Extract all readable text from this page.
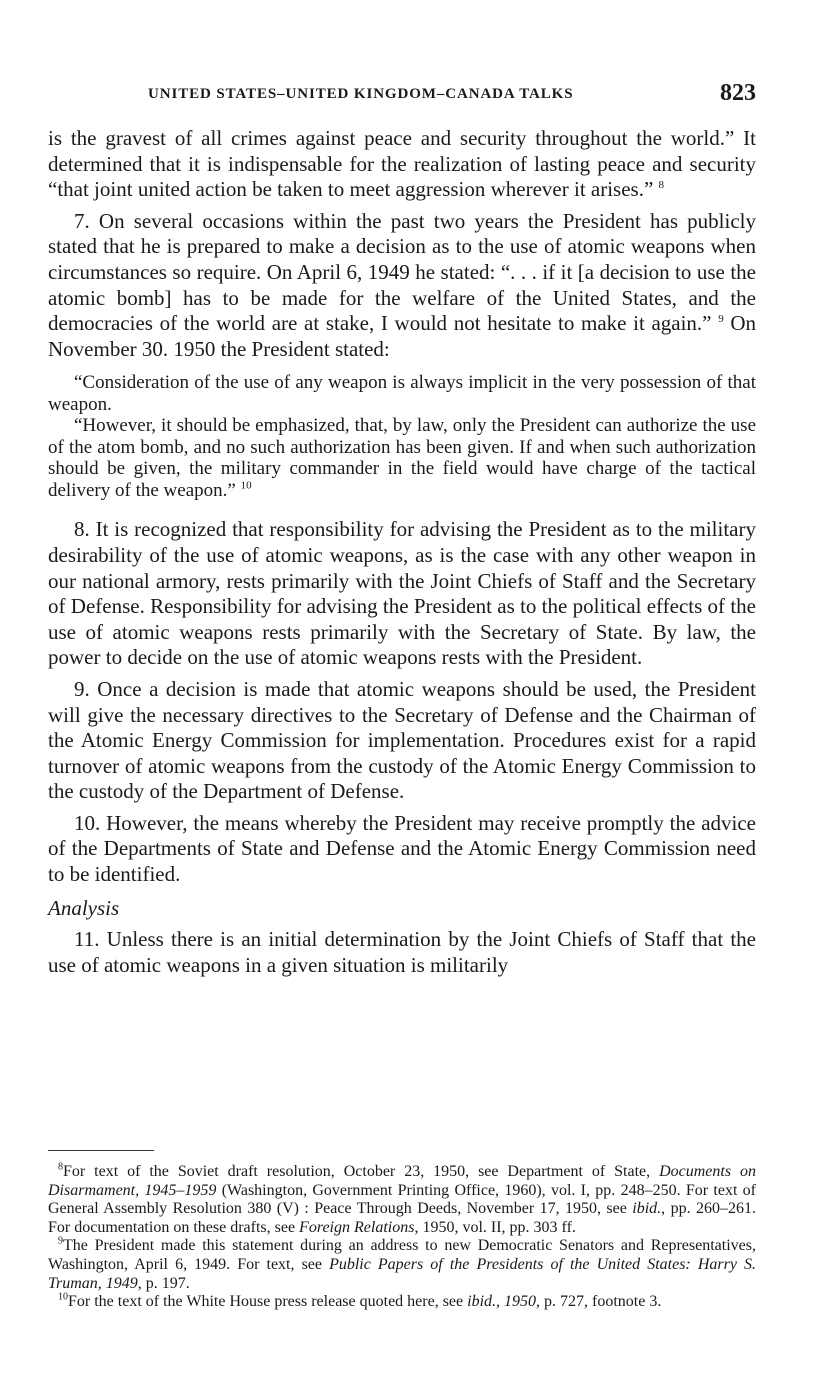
UNITED STATES–UNITED KINGDOM–CANADA TALKS	823

is the gravest of all crimes against peace and security throughout the world.” It determined that it is indispensable for the realization of lasting peace and security “that joint united action be taken to meet aggression wherever it arises.” $^8$

7. On several occasions within the past two years the President has publicly stated that he is prepared to make a decision as to the use of atomic weapons when circumstances so require. On April 6, 1949 he stated: “. . . if it [a decision to use the atomic bomb] has to be made for the welfare of the United States, and the democracies of the world are at stake, I would not hesitate to make it again.” $^9$ On November 30. 1950 the President stated:

“Consideration of the use of any weapon is always implicit in the very possession of that weapon.

“However, it should be emphasized, that, by law, only the President can authorize the use of the atom bomb, and no such authorization has been given. If and when such authorization should be given, the military commander in the field would have charge of the tactical delivery of the weapon.” $^{10}$

8. It is recognized that responsibility for advising the President as to the military desirability of the use of atomic weapons, as is the case with any other weapon in our national armory, rests primarily with the Joint Chiefs of Staff and the Secretary of Defense. Responsibility for advising the President as to the political effects of the use of atomic weapons rests primarily with the Secretary of State. By law, the power to decide on the use of atomic weapons rests with the President.

9. Once a decision is made that atomic weapons should be used, the President will give the necessary directives to the Secretary of Defense and the Chairman of the Atomic Energy Commission for implementation. Procedures exist for a rapid turnover of atomic weapons from the custody of the Atomic Energy Commission to the custody of the Department of Defense.

10. However, the means whereby the President may receive promptly the advice of the Departments of State and Defense and the Atomic Energy Commission need to be identified.

Analysis

11. Unless there is an initial determination by the Joint Chiefs of Staff that the use of atomic weapons in a given situation is militarily

$^8$For text of the Soviet draft resolution, October 23, 1950, see Department of State, Documents on Disarmament, 1945–1959 (Washington, Government Printing Office, 1960), vol. I, pp. 248–250. For text of General Assembly Resolution 380 (V) : Peace Through Deeds, November 17, 1950, see ibid., pp. 260–261. For documentation on these drafts, see Foreign Relations, 1950, vol. II, pp. 303 ff.

$^9$The President made this statement during an address to new Democratic Senators and Representatives, Washington, April 6, 1949. For text, see Public Papers of the Presidents of the United States: Harry S. Truman, 1949, p. 197.

$^{10}$For the text of the White House press release quoted here, see ibid., 1950, p. 727, footnote 3.
